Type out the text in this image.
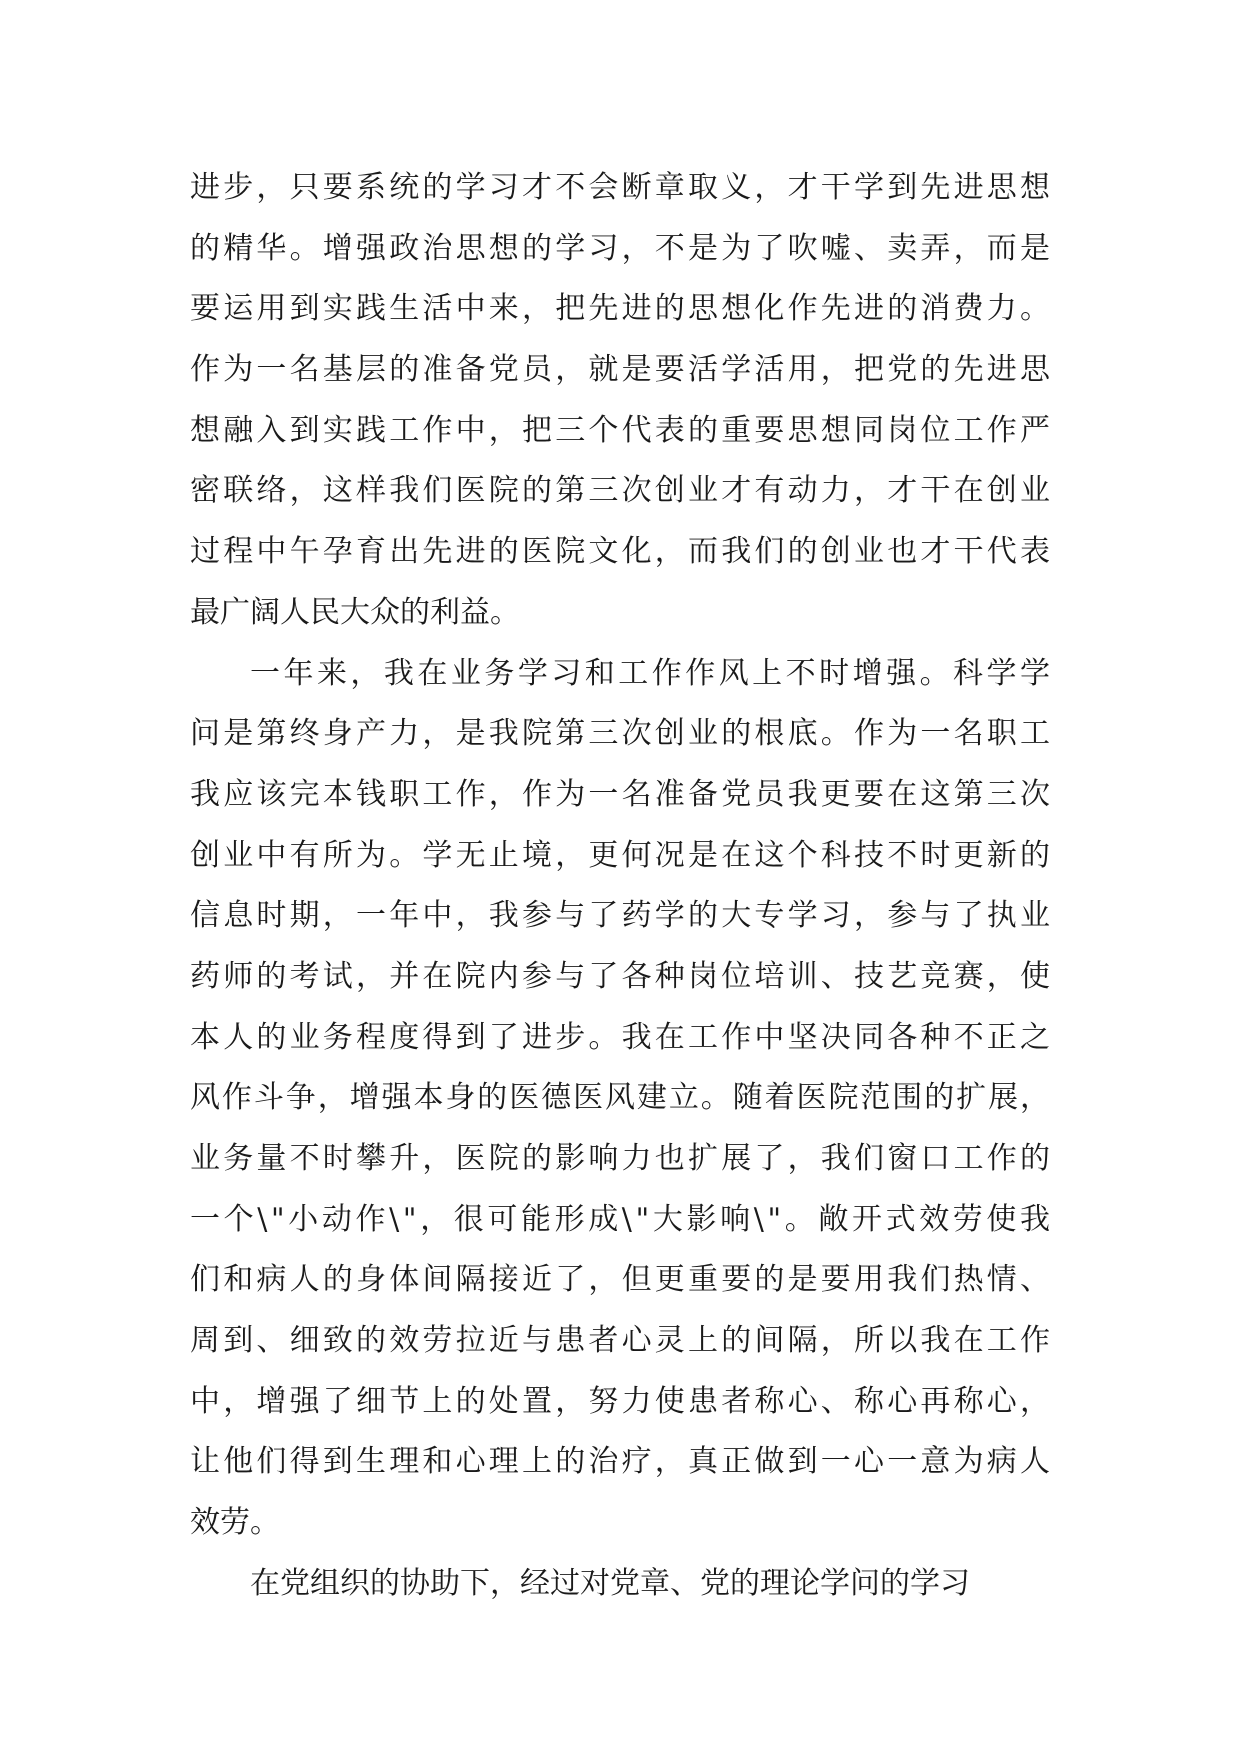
进步，只要系统的学习才不会断章取义，才干学到先进思想
的精华。增强政治思想的学习，不是为了吹嘘、卖弄，而是
要运用到实践生活中来，把先进的思想化作先进的消费力。
作为一名基层的准备党员，就是要活学活用，把党的先进思
想融入到实践工作中，把三个代表的重要思想同岗位工作严
密联络，这样我们医院的第三次创业才有动力，才干在创业
过程中午孕育出先进的医院文化，而我们的创业也才干代表
最广阔人民大众的利益。
一年来，我在业务学习和工作作风上不时增强。科学学
问是第终身产力，是我院第三次创业的根底。作为一名职工
我应该完本钱职工作，作为一名准备党员我更要在这第三次
创业中有所为。学无止境，更何况是在这个科技不时更新的
信息时期，一年中，我参与了药学的大专学习，参与了执业
药师的考试，并在院内参与了各种岗位培训、技艺竞赛，使
本人的业务程度得到了进步。我在工作中坚决同各种不正之
风作斗争，增强本身的医德医风建立。随着医院范围的扩展，
业务量不时攀升，医院的影响力也扩展了，我们窗口工作的
一个\"小动作\"，很可能形成\"大影响\"。敞开式效劳使我
们和病人的身体间隔接近了，但更重要的是要用我们热情、
周到、细致的效劳拉近与患者心灵上的间隔，所以我在工作
中，增强了细节上的处置，努力使患者称心、称心再称心，
让他们得到生理和心理上的治疗，真正做到一心一意为病人
效劳。
在党组织的协助下，经过对党章、党的理论学问的学习
